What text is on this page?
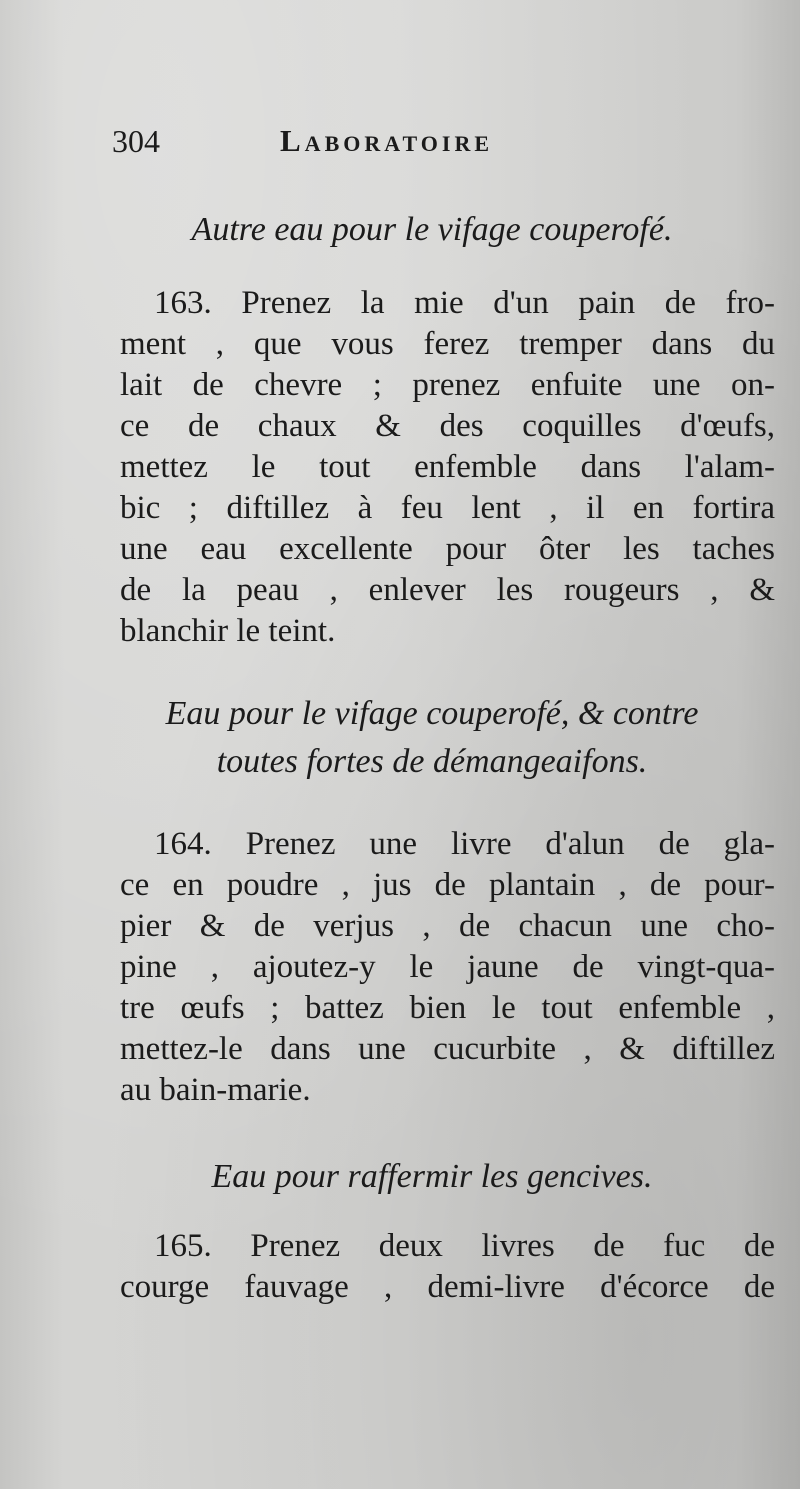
304	Laboratoire
Autre eau pour le vifage couperofé.
163. Prenez la mie d'un pain de fro-
ment , que vous ferez tremper dans du
lait de chevre ; prenez enfuite une on-
ce de chaux & des coquilles d'œufs,
mettez le tout enfemble dans l'alam-
bic ; diftillez à feu lent , il en fortira
une eau excellente pour ôter les taches
de la peau , enlever les rougeurs , &
blanchir le teint.
Eau pour le vifage couperofé, & contre
toutes fortes de démangeaifons.
164. Prenez une livre d'alun de gla-
ce en poudre , jus de plantain , de pour-
pier & de verjus , de chacun une cho-
pine , ajoutez-y le jaune de vingt-qua-
tre œufs ; battez bien le tout enfemble ,
mettez-le dans une cucurbite , & diftillez
au bain-marie.
Eau pour raffermir les gencives.
165. Prenez deux livres de fuc de
courge fauvage , demi-livre d'écorce de
